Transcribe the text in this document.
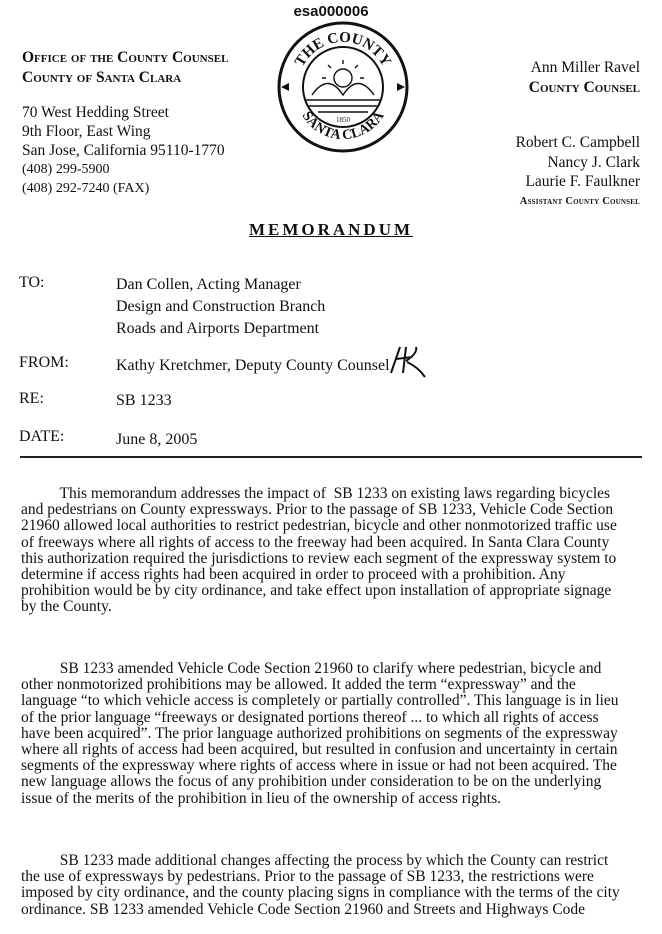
esa000006
Office of the County Counsel
County of Santa Clara
70 West Hedding Street
9th Floor, East Wing
San Jose, California 95110-1770
(408) 299-5900
(408) 292-7240 (FAX)
THE COUNTY
SANTA CLARA
1850
Ann Miller Ravel
County Counsel
Robert C. Campbell
Nancy J. Clark
Laurie F. Faulkner
Assistant County Counsel
MEMORANDUM
TO:	Dan Collen, Acting Manager
Design and Construction Branch
Roads and Airports Department
FROM:	Kathy Kretchmer, Deputy County Counsel
RE:	SB 1233
DATE:	June 8, 2005
This memorandum addresses the impact of  SB 1233 on existing laws regarding bicycles
and pedestrians on County expressways. Prior to the passage of SB 1233, Vehicle Code Section
21960 allowed local authorities to restrict pedestrian, bicycle and other nonmotorized traffic use
of freeways where all rights of access to the freeway had been acquired. In Santa Clara County
this authorization required the jurisdictions to review each segment of the expressway system to
determine if access rights had been acquired in order to proceed with a prohibition. Any
prohibition would be by city ordinance, and take effect upon installation of appropriate signage
by the County.
SB 1233 amended Vehicle Code Section 21960 to clarify where pedestrian, bicycle and
other nonmotorized prohibitions may be allowed. It added the term “expressway” and the
language “to which vehicle access is completely or partially controlled”. This language is in lieu
of the prior language “freeways or designated portions thereof ... to which all rights of access
have been acquired”. The prior language authorized prohibitions on segments of the expressway
where all rights of access had been acquired, but resulted in confusion and uncertainty in certain
segments of the expressway where rights of access where in issue or had not been acquired. The
new language allows the focus of any prohibition under consideration to be on the underlying
issue of the merits of the prohibition in lieu of the ownership of access rights.
SB 1233 made additional changes affecting the process by which the County can restrict
the use of expressways by pedestrians. Prior to the passage of SB 1233, the restrictions were
imposed by city ordinance, and the county placing signs in compliance with the terms of the city
ordinance. SB 1233 amended Vehicle Code Section 21960 and Streets and Highways Code
